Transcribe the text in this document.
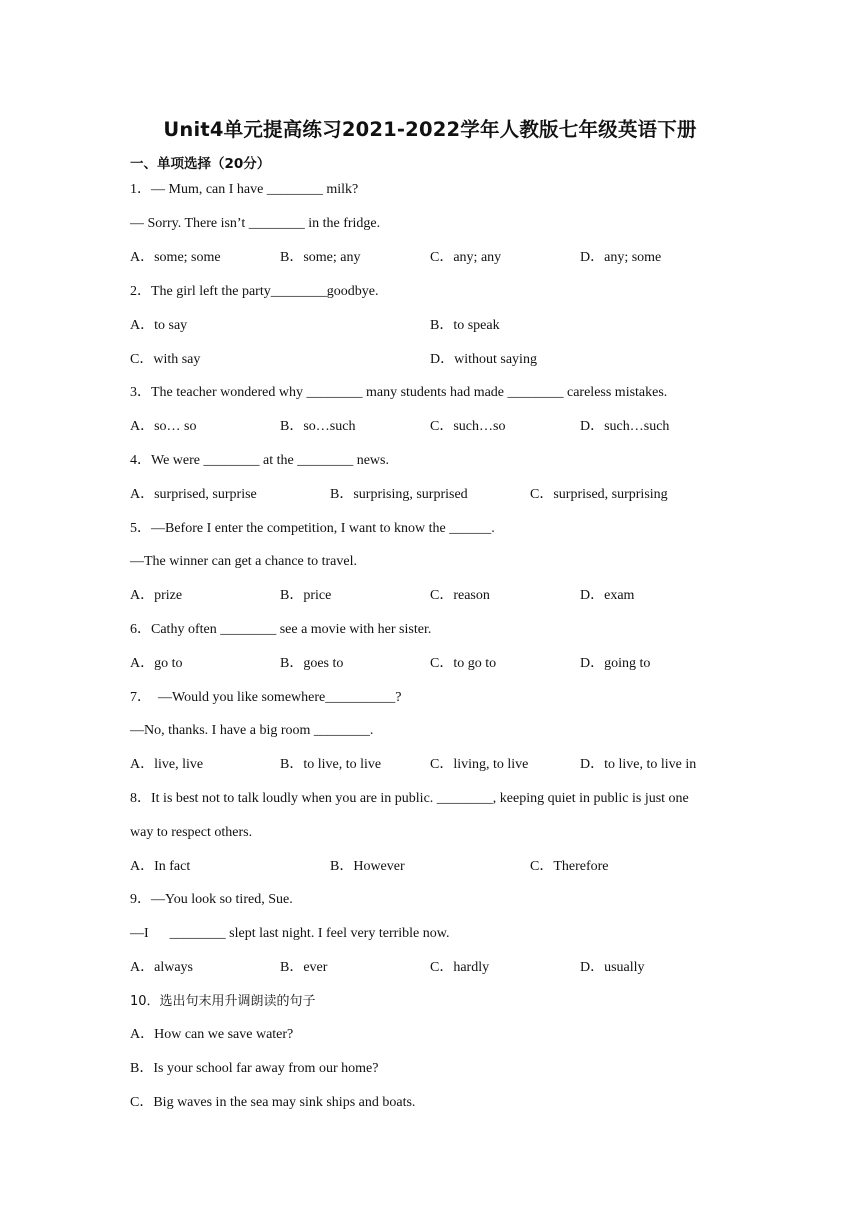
Unit4单元提高练习2021-2022学年人教版七年级英语下册
一、单项选择（20分）
1．— Mum, can I have ________ milk?
— Sorry. There isn’t ________ in the fridge.
A．some; some	B．some; any	C．any; any	D．any; some
2．The girl left the party________goodbye.
A．to say	B．to speak
C．with say	D．without saying
3．The teacher wondered why ________ many students had made ________ careless mistakes.
A．so… so	B．so…such	C．such…so	D．such…such
4．We were ________ at the ________ news.
A．surprised, surprise	B．surprising, surprised	C．surprised, surprising
5．—Before I enter the competition, I want to know the ______.
—The winner can get a chance to travel.
A．prize	B．price	C．reason	D．exam
6．Cathy often ________ see a movie with her sister.
A．go to	B．goes to	C．to go to	D．going to
7．  —Would you like somewhere__________?
—No, thanks. I have a big room ________.
A．live, live	B．to live, to live	C．living, to live	D．to live, to live in
8．It is best not to talk loudly when you are in public. ________, keeping quiet in public is just one
way to respect others.
A．In fact	B．However	C．Therefore
9．—You look so tired, Sue.
—I      ________ slept last night. I feel very terrible now.
A．always	B．ever	C．hardly	D．usually
10．选出句末用升调朗读的句子
A．How can we save water?
B．Is your school far away from our home?
C．Big waves in the sea may sink ships and boats.
